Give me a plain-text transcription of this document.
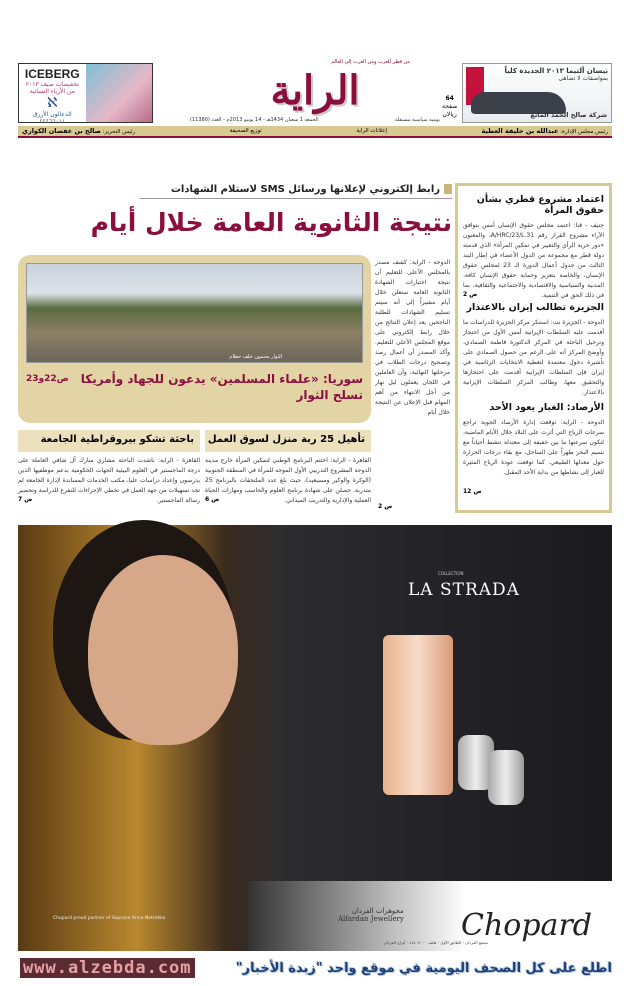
ICEBERG
تخفيضات صيف ٢٠١٣
من الأزياء النسائية
ℵ
الدعالون الأزرق
٤٤٤٦٦٠١١
من قطر للعرب ومن العرب إلى العالم
الراية
يومية سياسية مستقلة
الجمعة 1 شعبان 1434هـ - 14 يونيو 2013م - العدد (11380)
64
صفحة
ريالان
نيسان ألتيما ٢٠١٣ الجديدة كلياً
بمواصفات لا تضاهى
شركة صالح الحمد المانع
رئيس مجلس الإدارة: عبدالله بن خليفة العطية
إعلانات الراية
توزيع الصحيفة
رئيس التحرير: صالح بن عفصان الكواري
رابط إلكتروني لإعلانها ورسائل SMS لاستلام الشهادات
نتيجة الثانوية العامة خلال أيام
الثوار يحتمون خلف حطام
سوريا: «علماء المسلمين» يدعون للجهاد وأمريكا تسلح الثوار
ص22و23

الدوحة - الراية: كشف مصدر بالمجلس الأعلى للتعليم أن نتيجة اختبارات الشهادة الثانوية العامة ستعلن خلال أيام مشيراً إلى أنه سيتم تسليم الشهادات للطلبة الناجحين بعد إعلان النتائج من خلال رابط إلكتروني على موقع المجلس الأعلى للتعليم. وأكد المصدر أن أعمال رصد وتصحيح درجات الطلاب في مرحلتها النهائية، وأن العاملين في اللجان يعملون ليل نهار من أجل الانتهاء من أهم المهام قبل الإعلان عن النتيجة خلال أيام

ص 2
تأهيل 25 ربة منزل لسوق العمل

القاهرة - الراية: اختتم البرنامج الوطني لتمكين المرأة خارج مدينة الدوحة المشروع التدريبي الأول الموجه للمرأة في المنطقة الجنوبية (الوكرة والوكير ومسيعيد)، حيث بلغ عدد الملتحقات بالبرنامج 25 متدربة. حصلن على شهادة برنامج العلوم والحاسب ومهارات الحياة العملية والإدارية والتدريب الميداني.

ص 6
باحثة تشكو بيروقراطية الجامعة

القاهرة - الراية: ناشدت الباحثة مشاري مبارك آل شافي العاملة على درجة الماجستير في العلوم البيئية الجهات الحكومية بدعم موظفيها الذين يدرسون وإعداد دراسات عليا، مكتب الخدمات المساندة لإدارة الجامعة لم تجد تسهيلات من جهة العمل في تخطي الإجراءات للتفرغ للدراسة وتحضير رسالة الماجستير.

ص 7
اعتماد مشروع قطري بشأن حقوق المرأة

جنيف - قنا: اعتمد مجلس حقوق الإنسان أمس بتوافق الآراء مشروع القرار رقم A/HRC/23/L.31، والمعنون «دور حرية الرأي والتعبير في تمكين المرأة» الذي قدمته دولة قطر مع مجموعة من الدول الأعضاء في إطار البند الثالث من جدول أعمال الدورة الـ 23 لمجلس حقوق الإنسان، والخاصة بتعزيز وحماية حقوق الإنسان كافة، المدنية والسياسية والاقتصادية والاجتماعية والثقافية، بما في ذلك الحق في التنمية.

ص 2
الجزيرة تطالب إيران بالاعتذار

الدوحة - الجزيرة نت: استنكر مركز الجزيرة للدراسات ما أقدمت عليه السلطات الإيرانية أمس الأول من احتجاز وترحيل الباحثة في المركز الدكتورة فاطمة الصمادي، وأوضح المركز أنه على الرغم من حصول الصمادي على تأشيرة دخول معتمدة لتغطية الانتخابات الرئاسية في إيران فإن السلطات الإيرانية أقدمت على احتجازها والتحقيق معها، وطالب المركز السلطات الإيرانية بالاعتذار.

الأرصاد: الغبار يعود الأحد

الدوحة - الراية: توقعت إدارة الأرصاد الجوية تراجع سرعات الرياح التي أثرت على البلاد خلال الأيام الماضية، لتكون سرعتها ما بين خفيفة إلى معتدلة تنشط أحياناً مع نسيم البحر ظهراً على الساحل، مع بقاء درجات الحرارة حول معدلها الطبيعي. كما توقعت عودة الرياح المثيرة للغبار إلى نشاطها من بداية الأحد المقبل.

ص 12
COLLECTION
LA STRADA
Chopard proud partner of Soprano Anna Netrebko
مجوهرات الفردان
Alfardan Jewellery
مجمع الفردان - الطابق الأول - هاتف ٤٤٤٠٨٠٠٠ - أبراج الفردان
Chopard
www.alzebda.com	اطلع على كل الصحف اليومية في موقع واحد "زبدة الأخبار"
